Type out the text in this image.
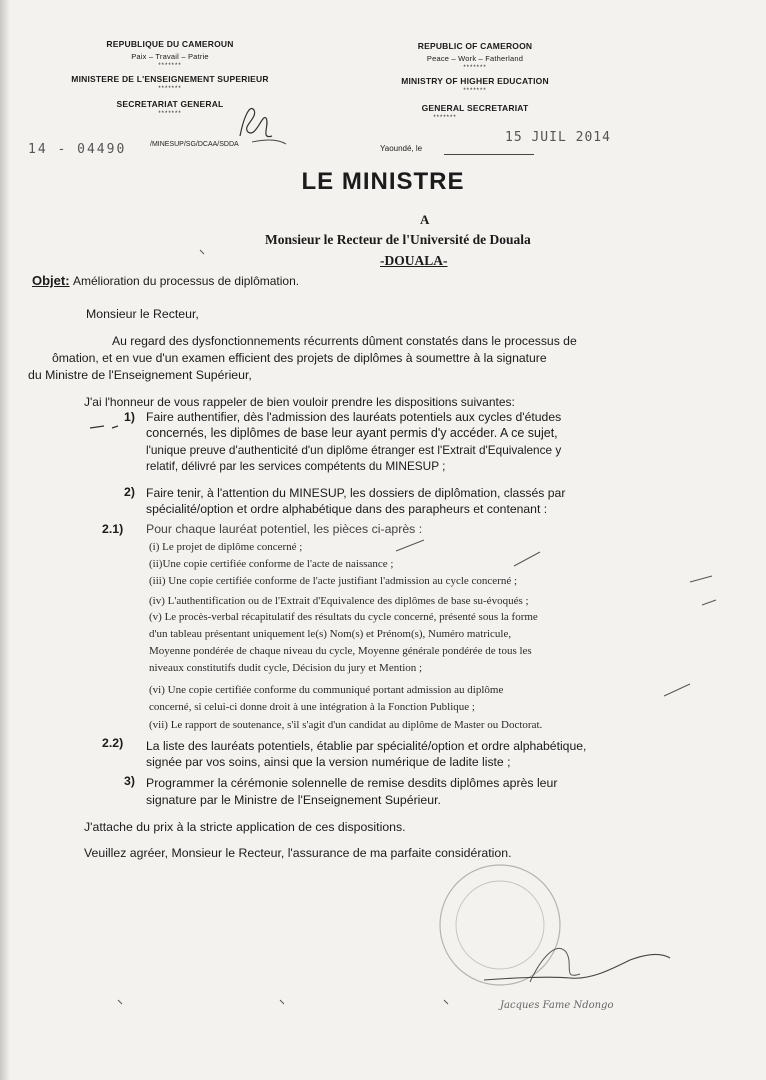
REPUBLIQUE DU CAMEROUN
Paix – Travail – Patrie
*******
MINISTERE DE L'ENSEIGNEMENT SUPERIEUR
*******
SECRETARIAT GENERAL
*******
14 - 04490	/MINESUP/SG/DCAA/SDDA
REPUBLIC OF CAMEROON
Peace – Work – Fatherland
*******
MINISTRY OF HIGHER EDUCATION
*******
GENERAL SECRETARIAT
*******
Yaoundé, le
15 JUIL 2014
LE MINISTRE
A
Monsieur le Recteur de l'Université de Douala
-DOUALA-
Objet: Amélioration du processus de diplômation.
Monsieur le Recteur,
Au regard des dysfonctionnements récurrents dûment constatés dans le processus de
ômation, et en vue d'un examen efficient des projets de diplômes à soumettre à la signature
du Ministre de l'Enseignement Supérieur,
J'ai l'honneur de vous rappeler de bien vouloir prendre les dispositions suivantes:
1) Faire authentifier, dès l'admission des lauréats potentiels aux cycles d'études
concernés, les diplômes de base leur ayant permis d'y accéder. A ce sujet,
l'unique preuve d'authenticité d'un diplôme étranger est l'Extrait d'Equivalence y
relatif, délivré par les services compétents du MINESUP ;
2) Faire tenir, à l'attention du MINESUP, les dossiers de diplômation, classés par
spécialité/option et ordre alphabétique dans des parapheurs et contenant :
2.1) Pour chaque lauréat potentiel, les pièces ci-après :
(i) Le projet de diplôme concerné ;
(ii)Une copie certifiée conforme de l'acte de naissance ;
(iii) Une copie certifiée conforme de l'acte justifiant l'admission au cycle concerné ;
(iv) L'authentification ou de l'Extrait d'Equivalence des diplômes de base su-évoqués ;
(v) Le procès-verbal récapitulatif des résultats du cycle concerné, présenté sous la forme
d'un tableau présentant uniquement le(s) Nom(s) et Prénom(s), Numéro matricule,
Moyenne pondérée de chaque niveau du cycle, Moyenne générale pondérée de tous les
niveaux constitutifs dudit cycle, Décision du jury et Mention ;
(vi) Une copie certifiée conforme du communiqué portant admission au diplôme
concerné, si celui-ci donne droit à une intégration à la Fonction Publique ;
(vii) Le rapport de soutenance, s'il s'agit d'un candidat au diplôme de Master ou Doctorat.
2.2) La liste des lauréats potentiels, établie par spécialité/option et ordre alphabétique,
signée par vos soins, ainsi que la version numérique de ladite liste ;
3) Programmer la cérémonie solennelle de remise desdits diplômes après leur
signature par le Ministre de l'Enseignement Supérieur.
J'attache du prix à la stricte application de ces dispositions.
Veuillez agréer, Monsieur le Recteur, l'assurance de ma parfaite considération.
Jacques Fame Ndongo
